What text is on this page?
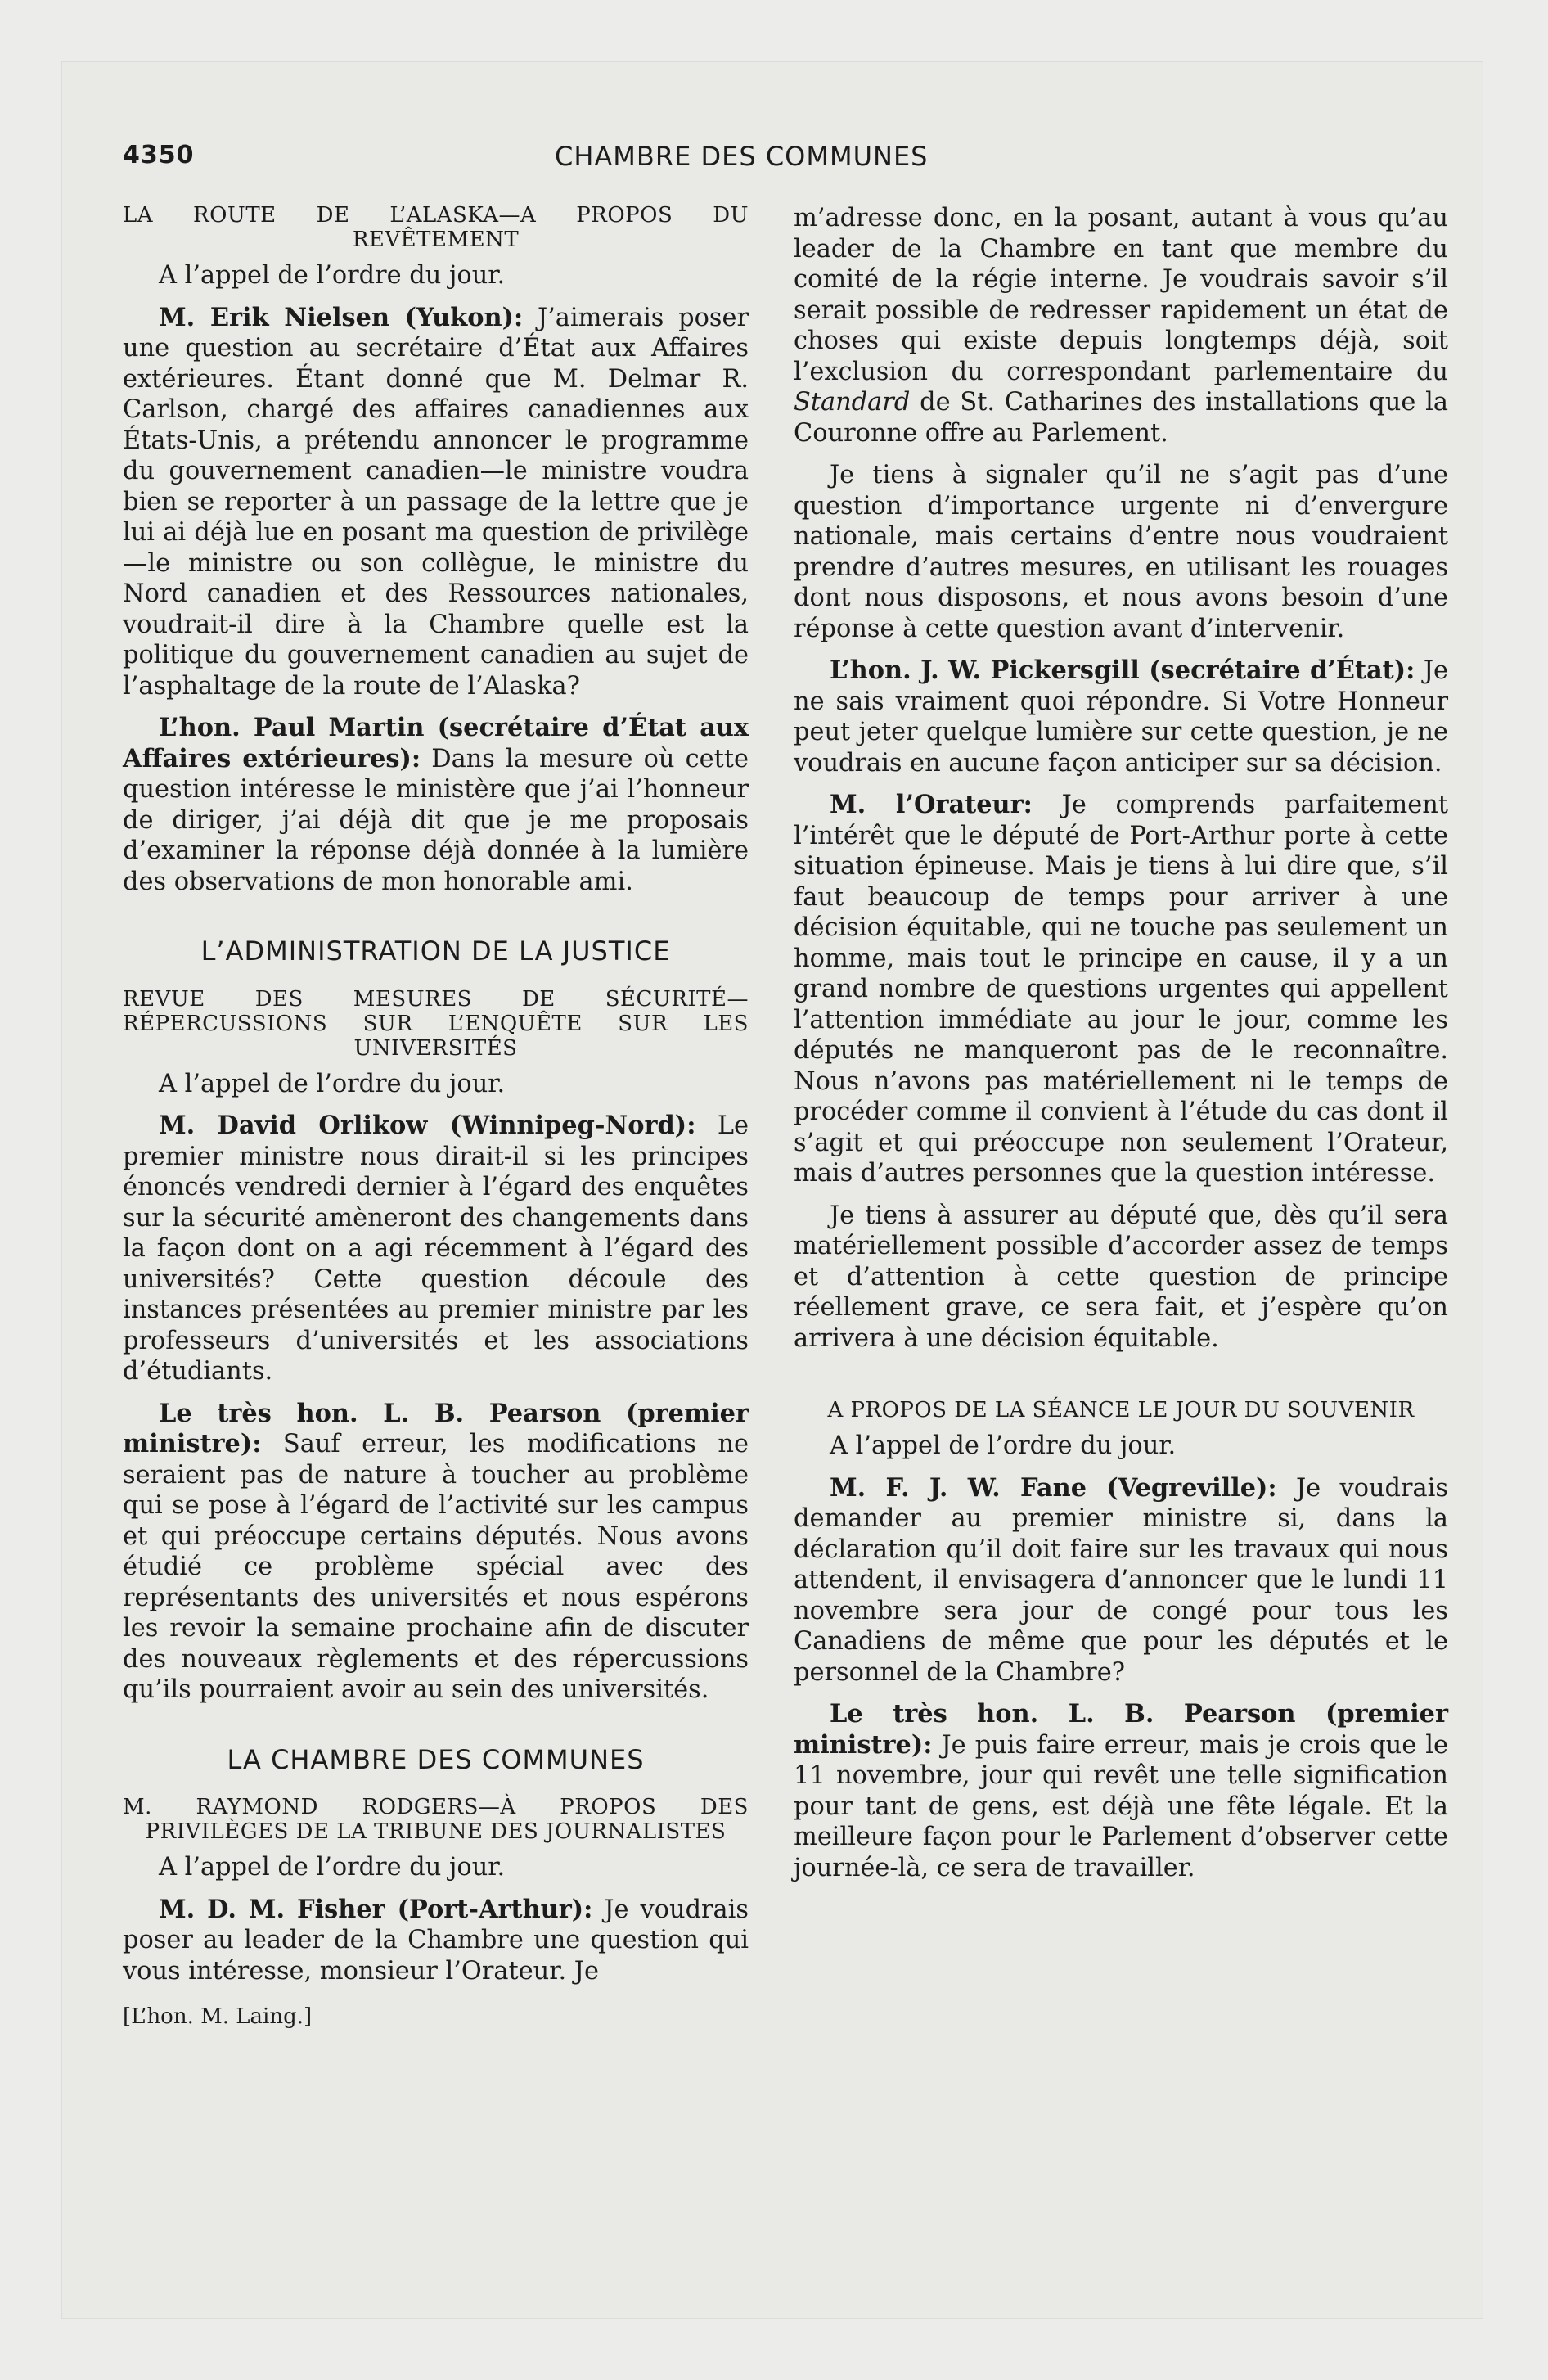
4350	CHAMBRE DES COMMUNES
LA ROUTE DE L’ALASKA—A PROPOS DU REVÊTEMENT

A l’appel de l’ordre du jour.

M. Erik Nielsen (Yukon): J’aimerais poser une question au secrétaire d’État aux Affaires extérieures. Étant donné que M. Delmar R. Carlson, chargé des affaires canadiennes aux États-Unis, a prétendu annoncer le programme du gouvernement canadien—le ministre voudra bien se reporter à un passage de la lettre que je lui ai déjà lue en posant ma question de privilège—le ministre ou son collègue, le ministre du Nord canadien et des Ressources nationales, voudrait-il dire à la Chambre quelle est la politique du gouvernement canadien au sujet de l’asphaltage de la route de l’Alaska?

L’hon. Paul Martin (secrétaire d’État aux Affaires extérieures): Dans la mesure où cette question intéresse le ministère que j’ai l’honneur de diriger, j’ai déjà dit que je me proposais d’examiner la réponse déjà donnée à la lumière des observations de mon honorable ami.

L’ADMINISTRATION DE LA JUSTICE
REVUE DES MESURES DE SÉCURITÉ—RÉPERCUSSIONS SUR L’ENQUÊTE SUR LES UNIVERSITÉS

A l’appel de l’ordre du jour.

M. David Orlikow (Winnipeg-Nord): Le premier ministre nous dirait-il si les principes énoncés vendredi dernier à l’égard des enquêtes sur la sécurité amèneront des changements dans la façon dont on a agi récemment à l’égard des universités? Cette question découle des instances présentées au premier ministre par les professeurs d’universités et les associations d’étudiants.

Le très hon. L. B. Pearson (premier ministre): Sauf erreur, les modifications ne seraient pas de nature à toucher au problème qui se pose à l’égard de l’activité sur les campus et qui préoccupe certains députés. Nous avons étudié ce problème spécial avec des représentants des universités et nous espérons les revoir la semaine prochaine afin de discuter des nouveaux règlements et des répercussions qu’ils pourraient avoir au sein des universités.

LA CHAMBRE DES COMMUNES
M. RAYMOND RODGERS—À PROPOS DES PRIVILÈGES DE LA TRIBUNE DES JOURNALISTES

A l’appel de l’ordre du jour.

M. D. M. Fisher (Port-Arthur): Je voudrais poser au leader de la Chambre une question qui vous intéresse, monsieur l’Orateur. Je

[L’hon. M. Laing.]

m’adresse donc, en la posant, autant à vous qu’au leader de la Chambre en tant que membre du comité de la régie interne. Je voudrais savoir s’il serait possible de redresser rapidement un état de choses qui existe depuis longtemps déjà, soit l’exclusion du correspondant parlementaire du Standard de St. Catharines des installations que la Couronne offre au Parlement.

Je tiens à signaler qu’il ne s’agit pas d’une question d’importance urgente ni d’envergure nationale, mais certains d’entre nous voudraient prendre d’autres mesures, en utilisant les rouages dont nous disposons, et nous avons besoin d’une réponse à cette question avant d’intervenir.

L’hon. J. W. Pickersgill (secrétaire d’État): Je ne sais vraiment quoi répondre. Si Votre Honneur peut jeter quelque lumière sur cette question, je ne voudrais en aucune façon anticiper sur sa décision.

M. l’Orateur: Je comprends parfaitement l’intérêt que le député de Port-Arthur porte à cette situation épineuse. Mais je tiens à lui dire que, s’il faut beaucoup de temps pour arriver à une décision équitable, qui ne touche pas seulement un homme, mais tout le principe en cause, il y a un grand nombre de questions urgentes qui appellent l’attention immédiate au jour le jour, comme les députés ne manqueront pas de le reconnaître. Nous n’avons pas matériellement ni le temps de procéder comme il convient à l’étude du cas dont il s’agit et qui préoccupe non seulement l’Orateur, mais d’autres personnes que la question intéresse.

Je tiens à assurer au député que, dès qu’il sera matériellement possible d’accorder assez de temps et d’attention à cette question de principe réellement grave, ce sera fait, et j’espère qu’on arrivera à une décision équitable.

A PROPOS DE LA SÉANCE LE JOUR DU SOUVENIR

A l’appel de l’ordre du jour.

M. F. J. W. Fane (Vegreville): Je voudrais demander au premier ministre si, dans la déclaration qu’il doit faire sur les travaux qui nous attendent, il envisagera d’annoncer que le lundi 11 novembre sera jour de congé pour tous les Canadiens de même que pour les députés et le personnel de la Chambre?

Le très hon. L. B. Pearson (premier ministre): Je puis faire erreur, mais je crois que le 11 novembre, jour qui revêt une telle signification pour tant de gens, est déjà une fête légale. Et la meilleure façon pour le Parlement d’observer cette journée-là, ce sera de travailler.
